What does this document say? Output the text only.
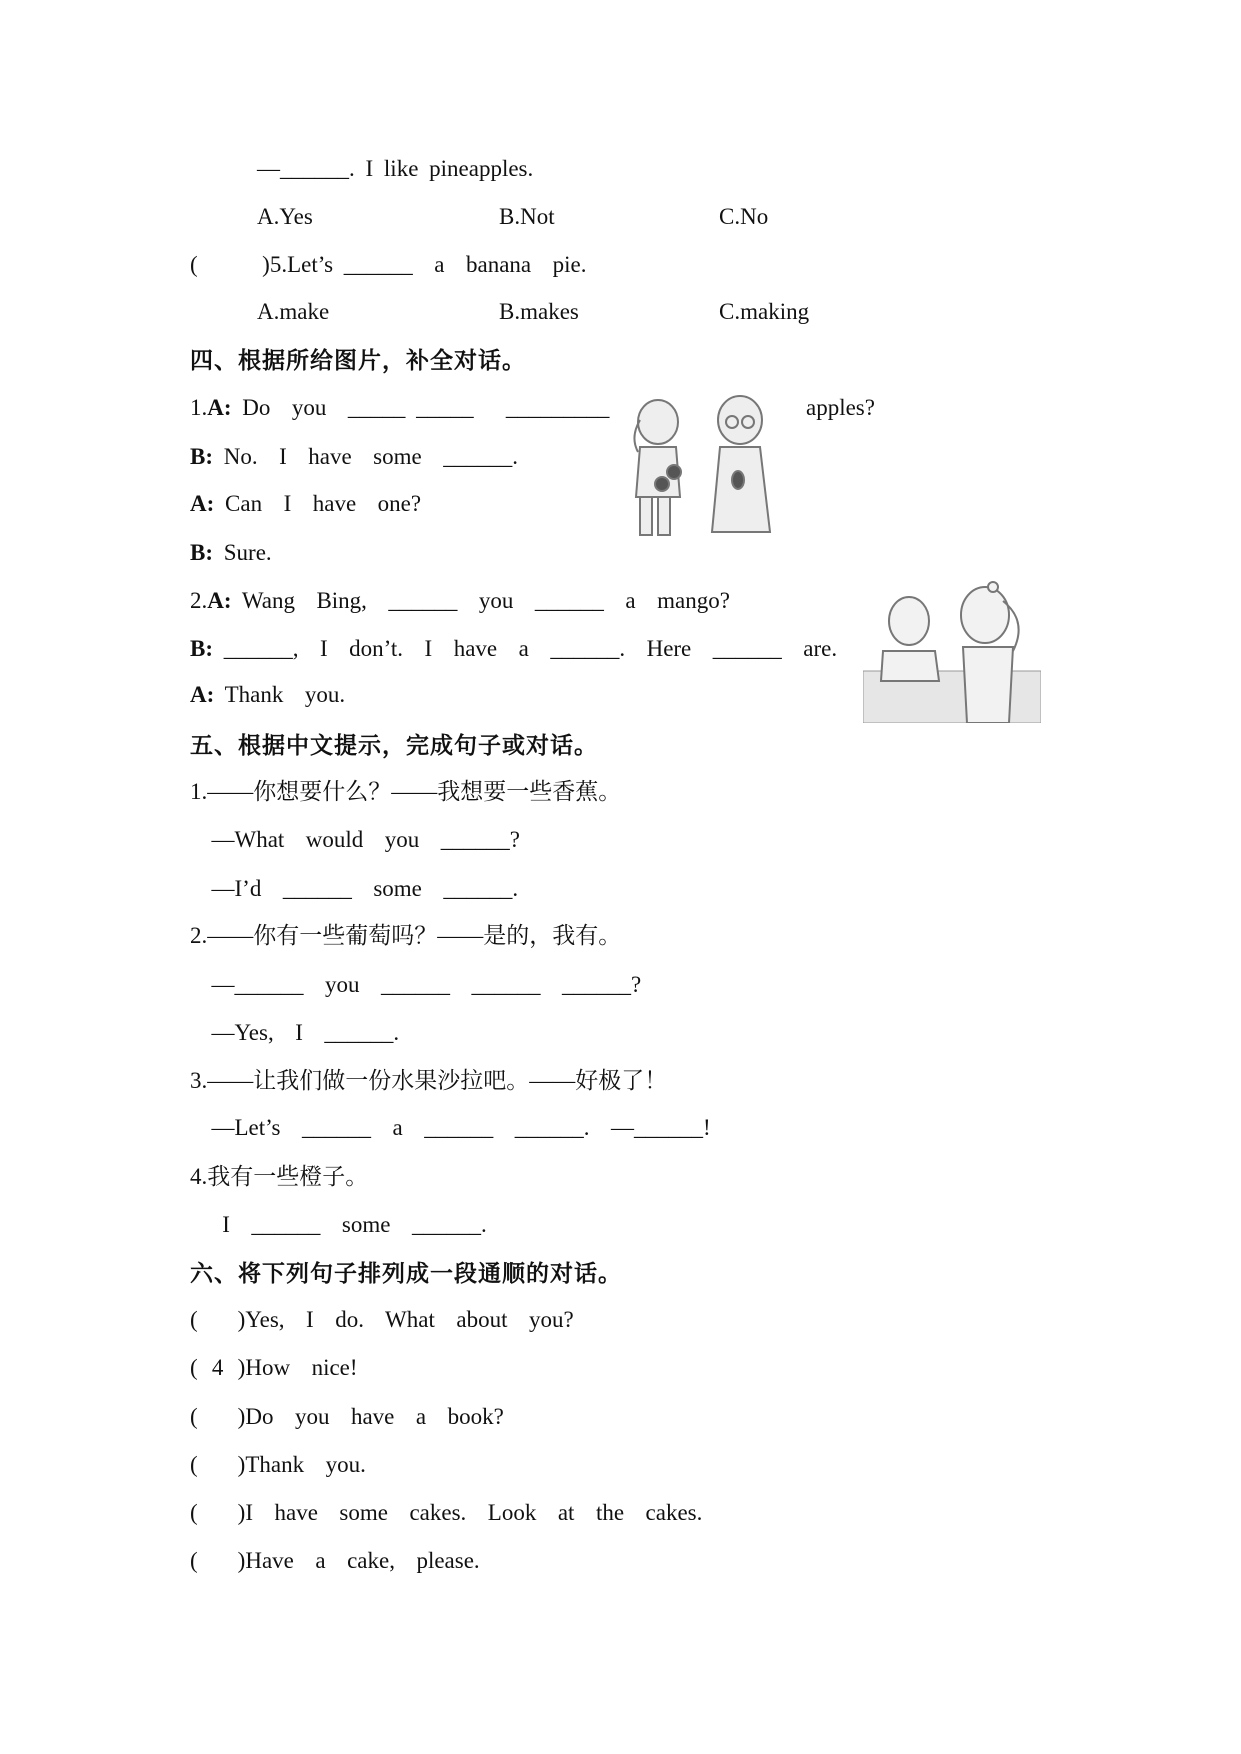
—______. I like pineapples.
A.Yes	B.Not	C.No
(      )5.Let’s ______  a  banana  pie.
A.make	B.makes	C.making
四、根据所给图片，补全对话。
1.A: Do  you  _____ _____   _________	apples?
B: No.  I  have  some  ______.
A: Can  I  have  one?
B: Sure.
2.A: Wang  Bing,  ______  you  ______  a  mango?
B: ______,  I  don’t.  I  have  a  ______.  Here  ______  are.
A: Thank  you.
五、根据中文提示，完成句子或对话。
1.——你想要什么？——我想要一些香蕉。
—What  would  you  ______?
—I’d  ______  some  ______.
2.——你有一些葡萄吗？——是的，我有。
—______  you  ______  ______  ______?
—Yes,  I  ______.
3.——让我们做一份水果沙拉吧。——好极了！
—Let’s  ______  a  ______  ______.  —______!
4.我有一些橙子。
I  ______  some  ______.
六、将下列句子排列成一段通顺的对话。
( )Yes,  I  do.  What  about  you?
( 4 )How  nice!
( )Do  you  have  a  book?
( )Thank  you.
( )I  have  some  cakes.  Look  at  the  cakes.
( )Have  a  cake,  please.
